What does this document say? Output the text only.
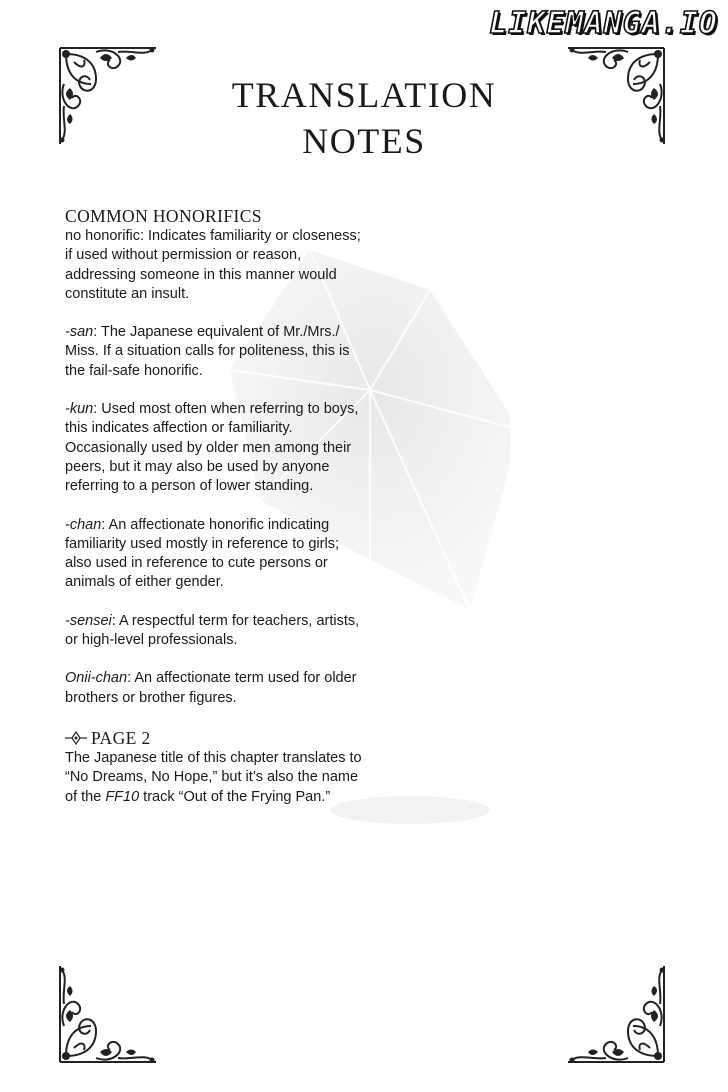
LIKEMANGA.IO
TRANSLATION
NOTES
COMMON HONORIFICS

no honorific: Indicates familiarity or closeness; if used without permission or reason, addressing someone in this manner would constitute an insult.

-san: The Japanese equivalent of Mr./Mrs./ Miss. If a situation calls for politeness, this is the fail-safe honorific.

-kun: Used most often when referring to boys, this indicates affection or familiarity. Occasionally used by older men among their peers, but it may also be used by anyone referring to a person of lower standing.

-chan: An affectionate honorific indicating familiarity used mostly in reference to girls; also used in reference to cute persons or animals of either gender.

-sensei: A respectful term for teachers, artists, or high-level professionals.

Onii-chan: An affectionate term used for older brothers or brother figures.

PAGE 2

The Japanese title of this chapter translates to “No Dreams, No Hope,” but it’s also the name of the FF10 track “Out of the Frying Pan.”
